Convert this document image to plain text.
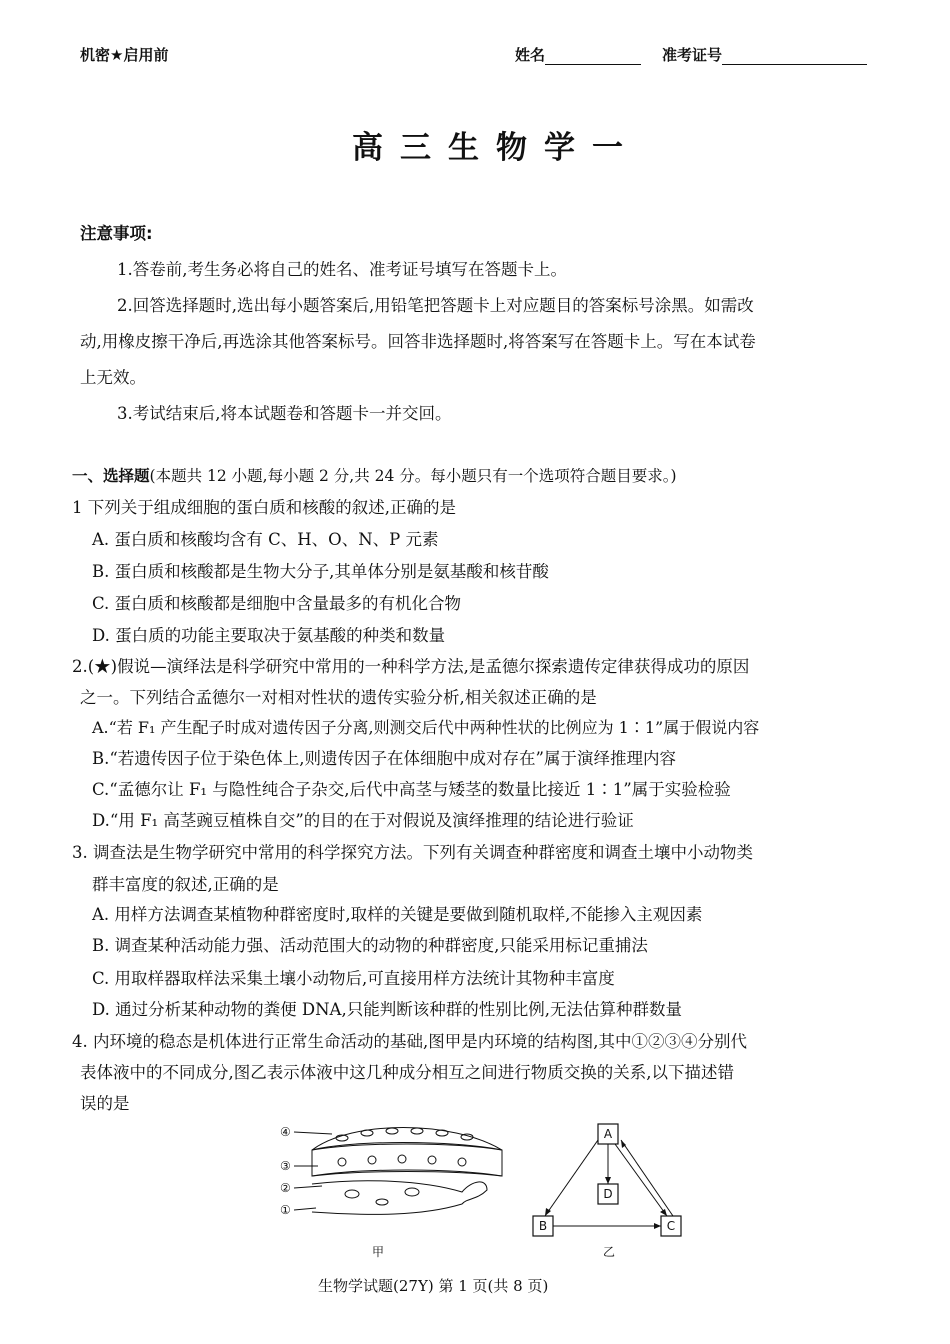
机密★启用前	姓名	准考证号
高三生物学一
注意事项:
1.答卷前,考生务必将自己的姓名、准考证号填写在答题卡上。
2.回答选择题时,选出每小题答案后,用铅笔把答题卡上对应题目的答案标号涂黑。如需改
动,用橡皮擦干净后,再选涂其他答案标号。回答非选择题时,将答案写在答题卡上。写在本试卷
上无效。
3.考试结束后,将本试题卷和答题卡一并交回。
一、选择题(本题共 12 小题,每小题 2 分,共 24 分。每小题只有一个选项符合题目要求。)
1 下列关于组成细胞的蛋白质和核酸的叙述,正确的是
A. 蛋白质和核酸均含有 C、H、O、N、P 元素
B. 蛋白质和核酸都是生物大分子,其单体分别是氨基酸和核苷酸
C. 蛋白质和核酸都是细胞中含量最多的有机化合物
D. 蛋白质的功能主要取决于氨基酸的种类和数量
2.(★)假说—演绎法是科学研究中常用的一种科学方法,是孟德尔探索遗传定律获得成功的原因
之一。下列结合孟德尔一对相对性状的遗传实验分析,相关叙述正确的是
A.“若 F₁ 产生配子时成对遗传因子分离,则测交后代中两种性状的比例应为 1∶1”属于假说内容
B.“若遗传因子位于染色体上,则遗传因子在体细胞中成对存在”属于演绎推理内容
C.“孟德尔让 F₁ 与隐性纯合子杂交,后代中高茎与矮茎的数量比接近 1∶1”属于实验检验
D.“用 F₁ 高茎豌豆植株自交”的目的在于对假说及演绎推理的结论进行验证
3. 调查法是生物学研究中常用的科学探究方法。下列有关调查种群密度和调查土壤中小动物类
群丰富度的叙述,正确的是
A. 用样方法调查某植物种群密度时,取样的关键是要做到随机取样,不能掺入主观因素
B. 调查某种活动能力强、活动范围大的动物的种群密度,只能采用标记重捕法
C. 用取样器取样法采集土壤小动物后,可直接用样方法统计其物种丰富度
D. 通过分析某种动物的粪便 DNA,只能判断该种群的性别比例,无法估算种群数量
4. 内环境的稳态是机体进行正常生命活动的基础,图甲是内环境的结构图,其中①②③④分别代
表体液中的不同成分,图乙表示体液中这几种成分相互之间进行物质交换的关系,以下描述错
误的是
④
③
②
①
甲
A
D
B	C
乙
生物学试题(27Y) 第 1 页(共 8 页)
